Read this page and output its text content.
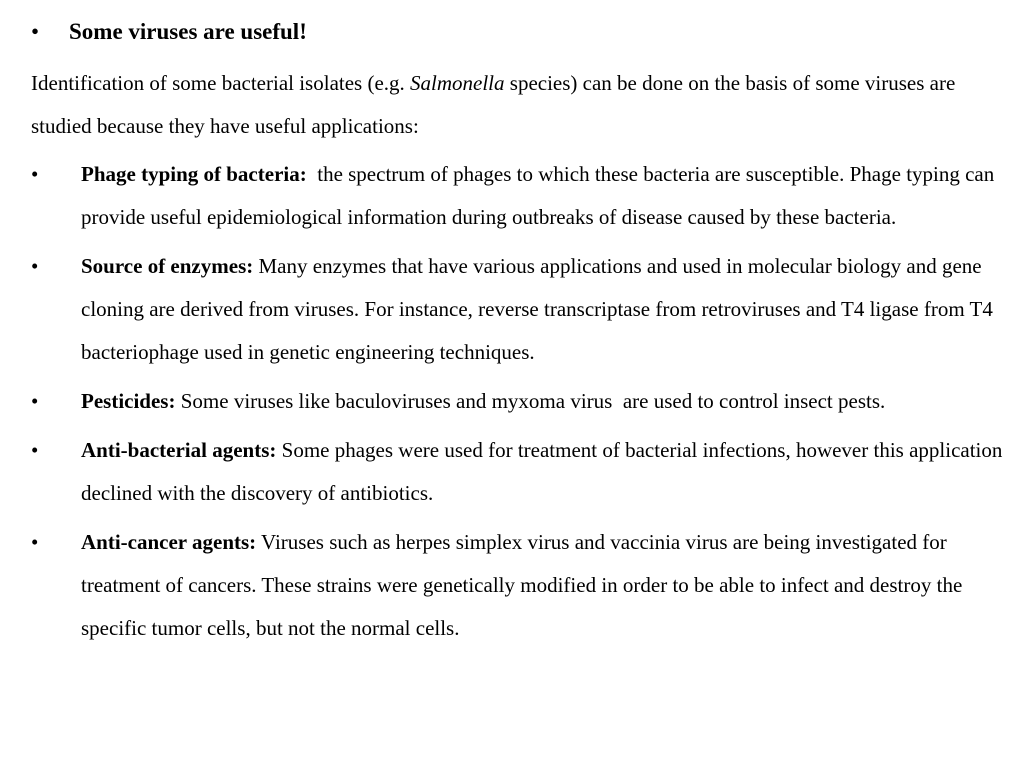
• Some viruses are useful!

Identification of some bacterial isolates (e.g. Salmonella species) can be done on the basis of some viruses are studied because they have useful applications:

• Phage typing of bacteria:  the spectrum of phages to which these bacteria are susceptible. Phage typing can provide useful epidemiological information during outbreaks of disease caused by these bacteria.
• Source of enzymes: Many enzymes that have various applications and used in molecular biology and gene cloning are derived from viruses. For instance, reverse transcriptase from retroviruses and T4 ligase from T4 bacteriophage used in genetic engineering techniques.
• Pesticides: Some viruses like baculoviruses and myxoma virus  are used to control insect pests.
• Anti-bacterial agents: Some phages were used for treatment of bacterial infections, however this application declined with the discovery of antibiotics.
• Anti-cancer agents: Viruses such as herpes simplex virus and vaccinia virus are being investigated for treatment of cancers. These strains were genetically modified in order to be able to infect and destroy the specific tumor cells, but not the normal cells.
